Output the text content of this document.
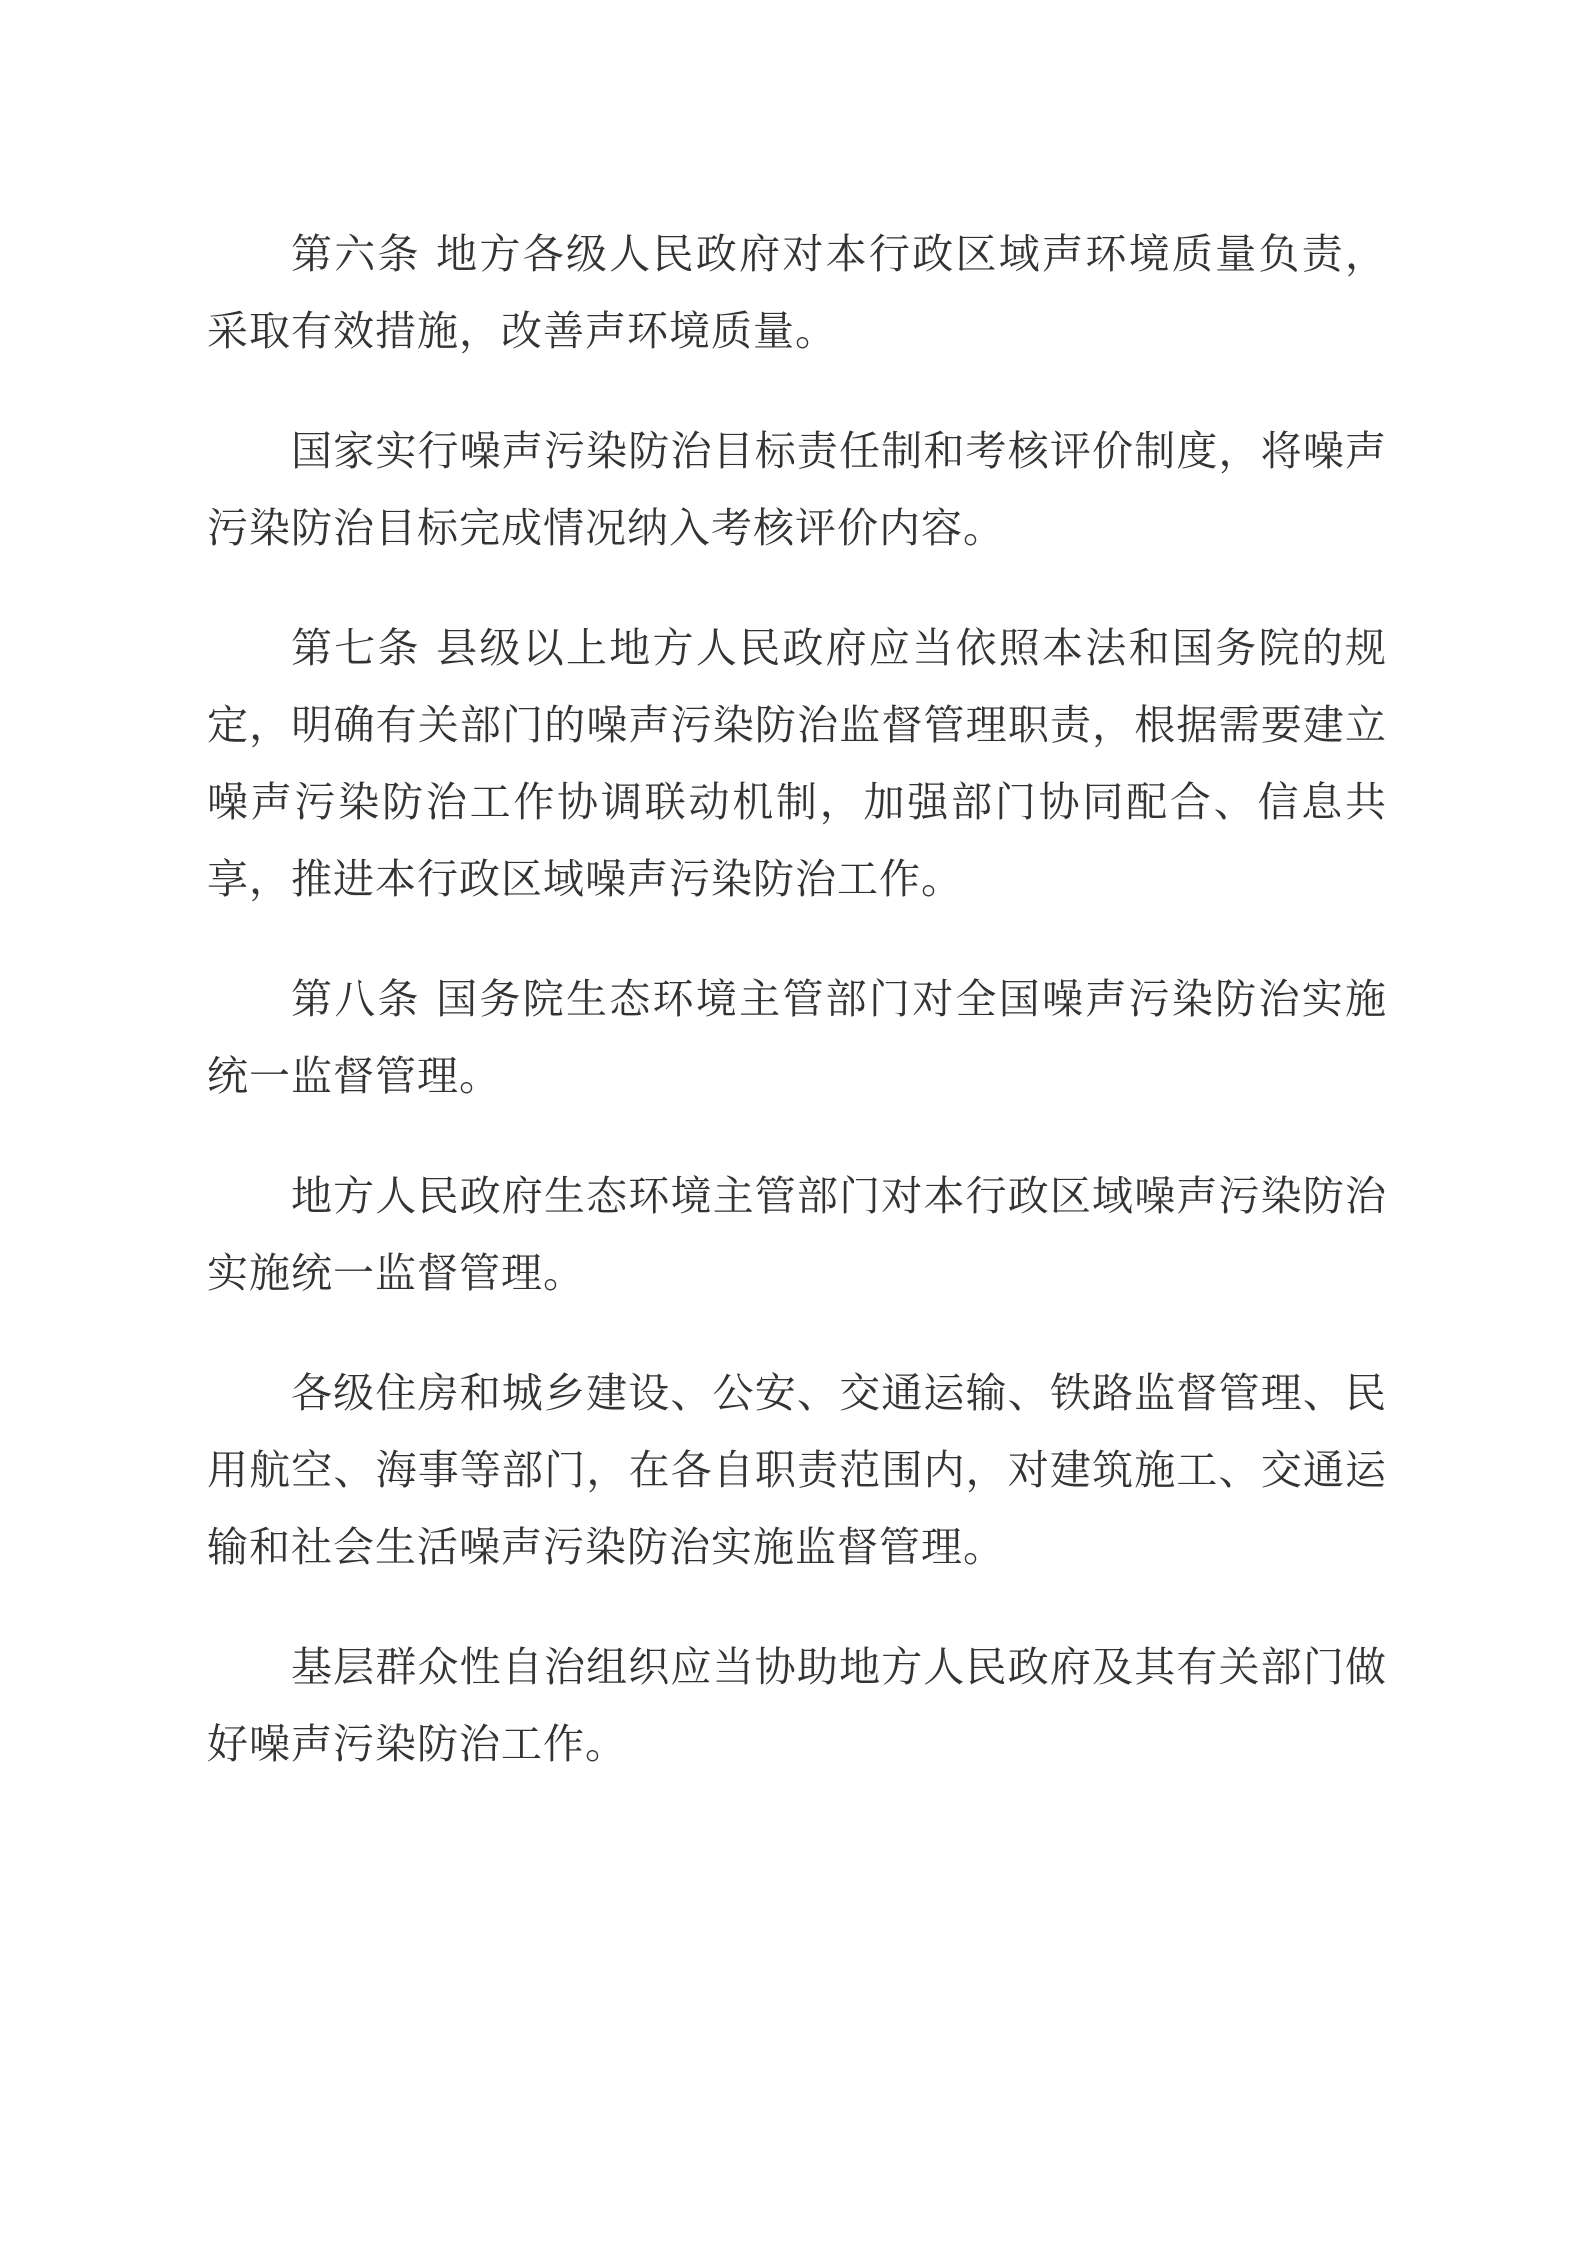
第六条 地方各级人民政府对本行政区域声环境质量负责，采取有效措施，改善声环境质量。

国家实行噪声污染防治目标责任制和考核评价制度，将噪声污染防治目标完成情况纳入考核评价内容。

第七条 县级以上地方人民政府应当依照本法和国务院的规定，明确有关部门的噪声污染防治监督管理职责，根据需要建立噪声污染防治工作协调联动机制，加强部门协同配合、信息共享，推进本行政区域噪声污染防治工作。

第八条 国务院生态环境主管部门对全国噪声污染防治实施统一监督管理。

地方人民政府生态环境主管部门对本行政区域噪声污染防治实施统一监督管理。

各级住房和城乡建设、公安、交通运输、铁路监督管理、民用航空、海事等部门，在各自职责范围内，对建筑施工、交通运输和社会生活噪声污染防治实施监督管理。

基层群众性自治组织应当协助地方人民政府及其有关部门做好噪声污染防治工作。
